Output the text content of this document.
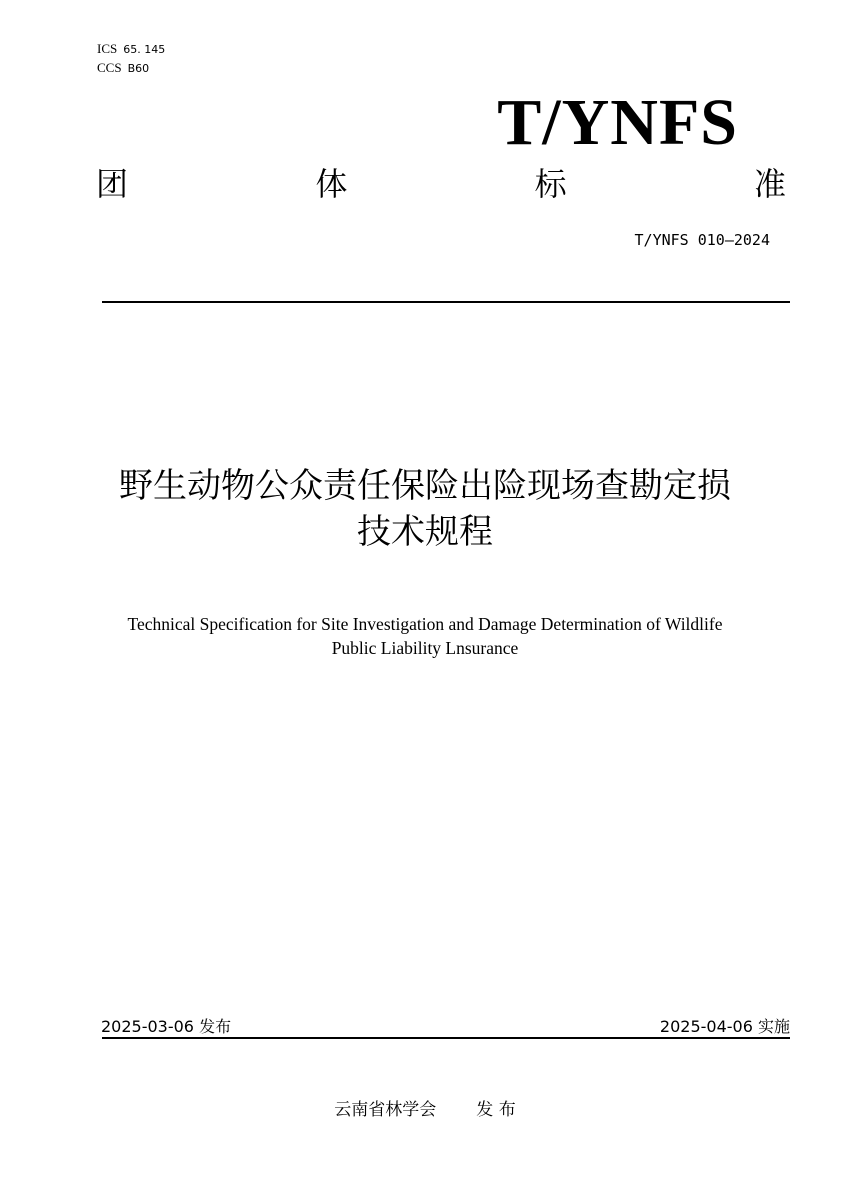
ICS 65. 145
CCS B60
T/YNFS
团	体	标	准
T/YNFS 010—2024
野生动物公众责任保险出险现场查勘定损
技术规程
Technical Specification for Site Investigation and Damage Determination of Wildlife
Public Liability Lnsurance
2025-03-06 发布	2025-04-06 实施
云南省林学会 发 布
